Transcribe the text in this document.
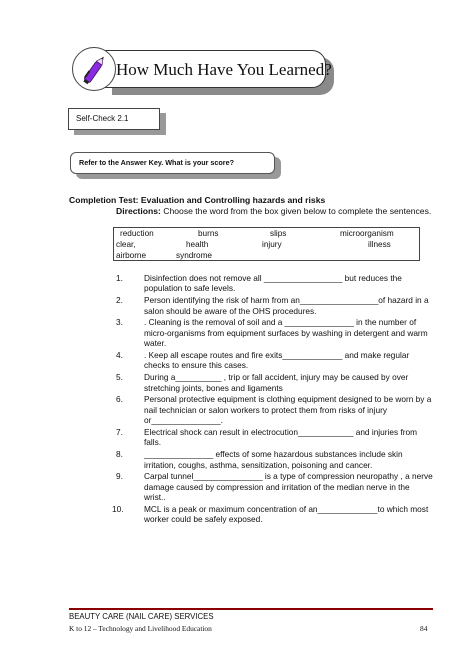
How Much Have You Learned?
Self-Check 2.1
Refer to the Answer Key. What is your score?
Completion Test: Evaluation and Controlling hazards and risks
Directions: Choose the word from the box given below to complete the sentences.
reduction	burns	slips	microorganism
clear,	health	injury	illness
airborne	syndrome
1.	Disinfection does not remove all _________________ but reduces the population to safe levels.
2.	Person identifying the risk of harm from an_________________of hazard in a salon should be aware of the OHS procedures.
3.	. Cleaning is the removal of soil and a _______________ in the number of micro-organisms from equipment surfaces by washing in detergent and warm water.
4.	. Keep all escape routes and fire exits_____________ and make regular checks to ensure this cases.
5.	During a__________ , trip or fall accident, injury may be caused by over stretching joints, bones and ligaments
6.	Personal protective equipment is clothing equipment designed to be worn by a nail technician or salon workers to protect them from risks of injury or_______________.
7.	Electrical shock can result in electrocution____________ and injuries from falls.
8.	_______________ effects of some hazardous substances include skin irritation, coughs, asthma, sensitization, poisoning and cancer.
9.	Carpal tunnel_______________ is a type of compression neuropathy , a nerve damage caused by compression and irritation of the median nerve in the wrist..
10.	MCL is a peak or maximum concentration of an_____________to which most worker could be safely exposed.
BEAUTY CARE (NAIL CARE) SERVICES
K to 12 – Technology and Livelihood Education	84
